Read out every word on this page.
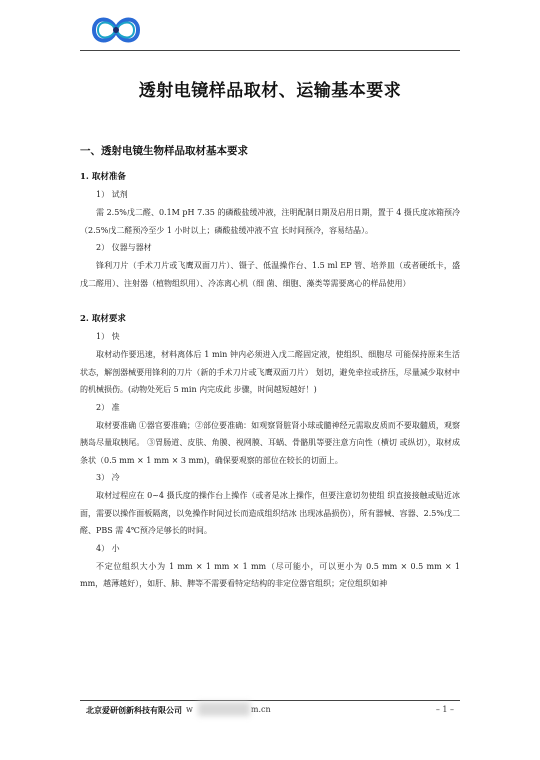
透射电镜样品取材、运输基本要求
一、透射电镜生物样品取材基本要求
1. 取材准备
1） 试剂

需 2.5%戊二醛、0.1M pH 7.35 的磷酸盐缓冲液，注明配制日期及启用日期，置于 4 摄氏度冰箱预冷（2.5%戊二醛预冷至少 1 小时以上；磷酸盐缓冲液不宜 长时间预冷，容易结晶）。

2） 仪器与器材

锋利刀片（手术刀片或飞鹰双面刀片）、镊子、低温操作台、1.5 ml EP 管、培养皿（或者硬纸卡，盛戊二醛用）、注射器（植物组织用）、冷冻离心机（细 菌、细胞、藻类等需要离心的样品使用）

2. 取材要求
1） 快

取材动作要迅速，材料离体后 1 min 钟内必须进入戊二醛固定液，使组织、细胞尽 可能保持原来生活状态，解剖器械要用锋利的刀片（新的手术刀片或飞鹰双面刀片） 划切，避免牵拉或挤压，尽量减少取材中的机械损伤。(动物处死后 5 min 内完成此 步骤，时间越短越好！)

2） 准

取材要准确 ①器官要准确；②部位要准确：如观察肾脏肾小球或髓神经元需取皮质而不要取髓质，观察胰岛尽量取胰尾。 ③胃肠道、皮肤、角膜、视网膜、耳蜗、骨骼肌等要注意方向性（横切 或纵切），取材成条状（0.5 mm × 1 mm × 3 mm)，确保要观察的部位在较长的切面上。

3） 冷

取材过程应在 0~4 摄氏度的操作台上操作（或者是冰上操作，但要注意切勿使组 织直接接触或贴近冰面，需要以操作面板隔离，以免操作时间过长而造成组织结冰 出现冰晶损伤），所有器械、容器、2.5%戊二醛、PBS 需 4℃预冷足够长的时间。

4） 小

不定位组织大小为 1 mm × 1 mm × 1 mm（尽可能小，可以更小为 0.5 mm × 0.5 mm × 1 mm，越薄越好），如肝、肺、脾等不需要看特定结构的非定位器官组织；定位组织如神

北京爱研创新科技有限公司 w	m.cn	– 1 –
